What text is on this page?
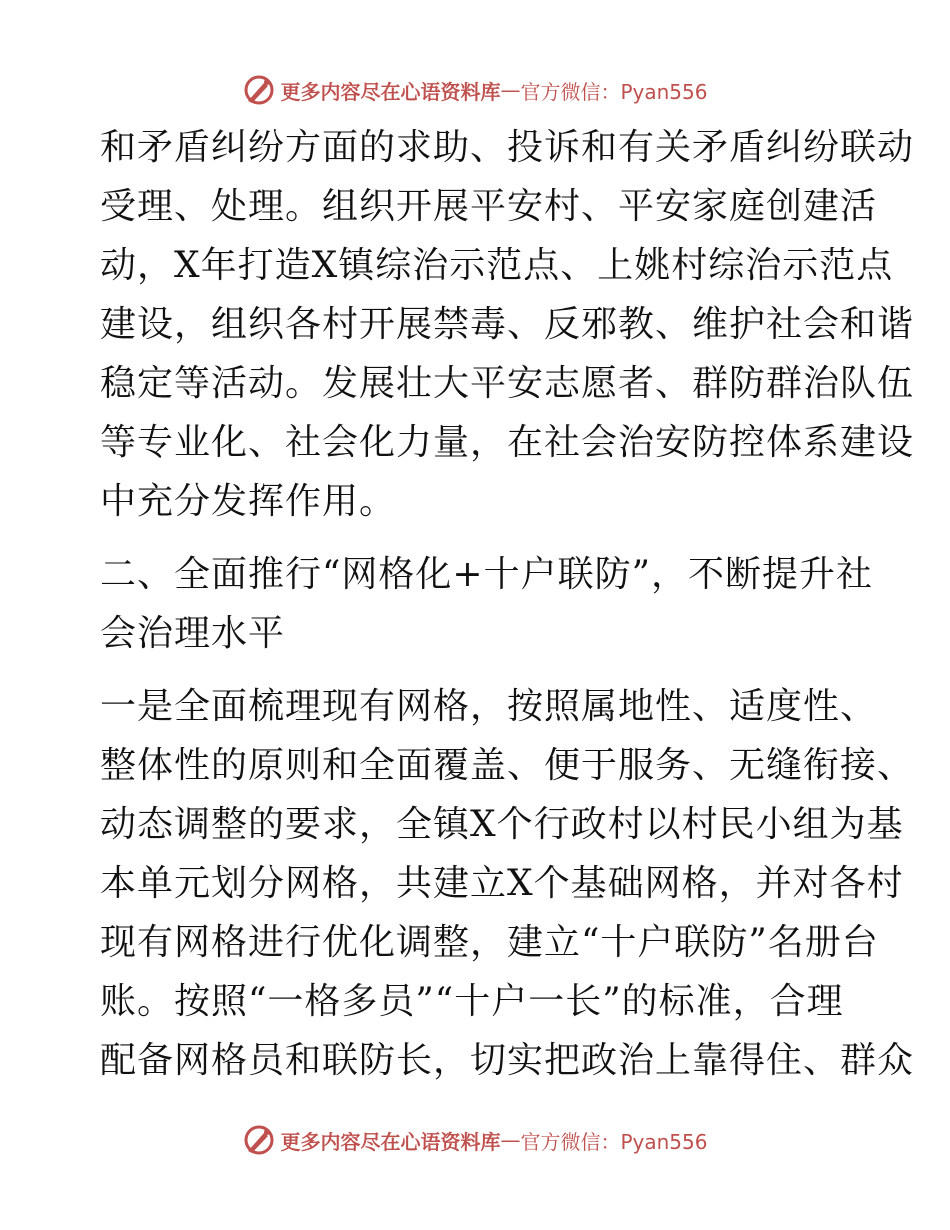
更多内容尽在心语资料库 — 官方微信：Pyan556
和矛盾纠纷方面的求助、投诉和有关矛盾纠纷联动
受理、处理。组织开展平安村、平安家庭创建活
动，X年打造X镇综治示范点、上姚村综治示范点
建设，组织各村开展禁毒、反邪教、维护社会和谐
稳定等活动。发展壮大平安志愿者、群防群治队伍
等专业化、社会化力量，在社会治安防控体系建设
中充分发挥作用。
二、全面推行“网格化+十户联防”，不断提升社
会治理水平
一是全面梳理现有网格，按照属地性、适度性、
整体性的原则和全面覆盖、便于服务、无缝衔接、
动态调整的要求，全镇X个行政村以村民小组为基
本单元划分网格，共建立X个基础网格，并对各村
现有网格进行优化调整，建立“十户联防”名册台
账。按照“一格多员”“十户一长”的标准，合理
配备网格员和联防长，切实把政治上靠得住、群众
更多内容尽在心语资料库 — 官方微信：Pyan556
